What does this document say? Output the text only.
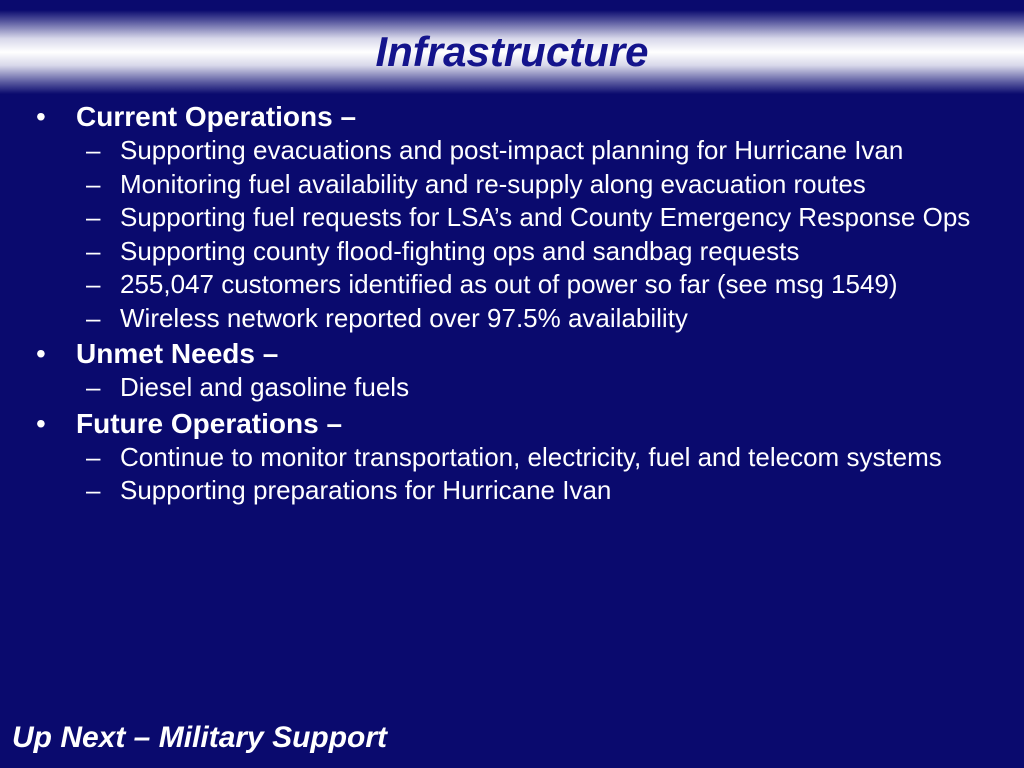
Infrastructure
• Current Operations –
– Supporting evacuations and post-impact planning for Hurricane Ivan
– Monitoring fuel availability and re-supply along evacuation routes
– Supporting fuel requests for LSA’s and County Emergency Response Ops
– Supporting county flood-fighting ops and sandbag requests
– 255,047 customers identified as out of power so far (see msg 1549)
– Wireless network reported over 97.5% availability
• Unmet Needs –
– Diesel and gasoline fuels
• Future Operations –
– Continue to monitor transportation, electricity, fuel and telecom systems
– Supporting preparations for Hurricane Ivan
Up Next – Military Support
